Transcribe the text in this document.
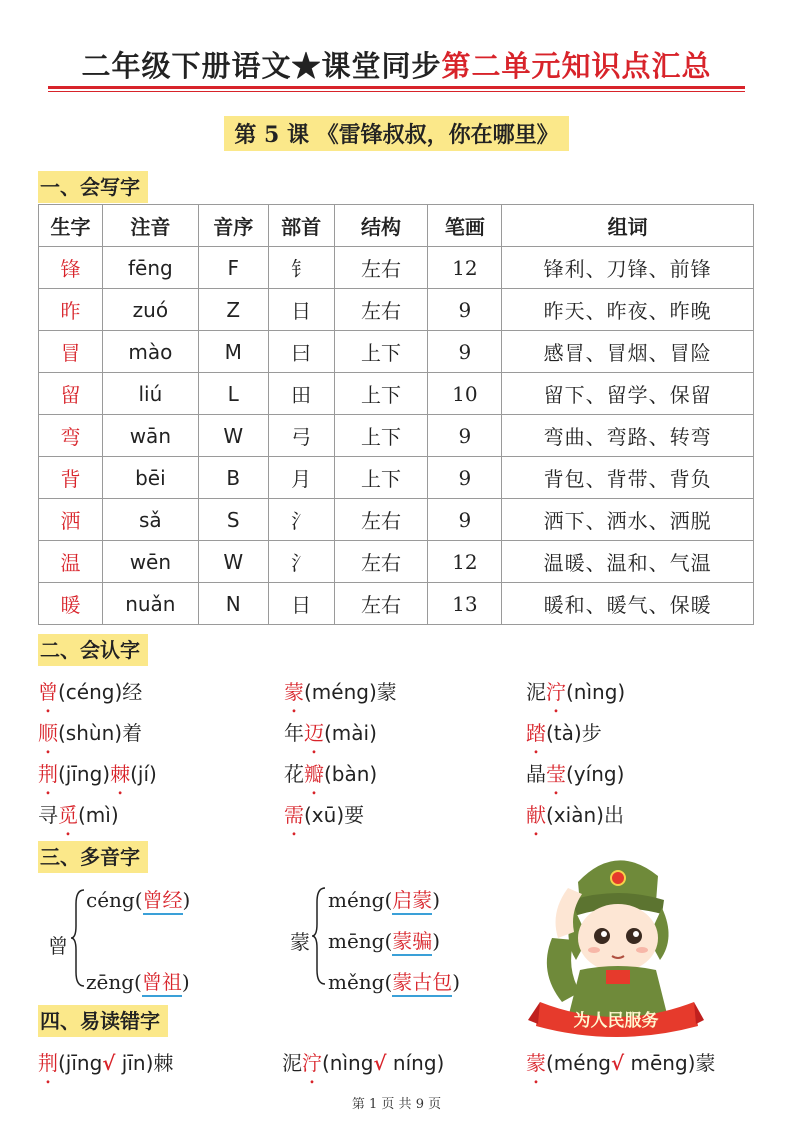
二年级下册语文★课堂同步第二单元知识点汇总
第 5 课 《雷锋叔叔，你在哪里》
一、会写字
生字	注音	音序	部首	结构	笔画	组词
锋	fēng	F	钅	左右	12	锋利、刀锋、前锋
昨	zuó	Z	日	左右	9	昨天、昨夜、昨晚
冒	mào	M	曰	上下	9	感冒、冒烟、冒险
留	liú	L	田	上下	10	留下、留学、保留
弯	wān	W	弓	上下	9	弯曲、弯路、转弯
背	bēi	B	月	上下	9	背包、背带、背负
洒	sǎ	S	氵	左右	9	洒下、洒水、洒脱
温	wēn	W	氵	左右	12	温暖、温和、气温
暖	nuǎn	N	日	左右	13	暖和、暖气、保暖
二、会认字
曾(céng)经	蒙(méng)蒙	泥泞(nìng)
顺(shùn)着	年迈(mài)	踏(tà)步
荆(jīng)棘(jí)	花瓣(bàn)	晶莹(yíng)
寻觅(mì)	需(xū)要	献(xiàn)出
三、多音字
曾
céng(曾经)
zēng(曾祖)
蒙
méng(启蒙)
mēng(蒙骗)
měng(蒙古包)
为人民服务
四、易读错字
荆(jīng√ jīn)棘	泥泞(nìng√ níng)	蒙(méng√ mēng)蒙
第 1 页 共 9 页
